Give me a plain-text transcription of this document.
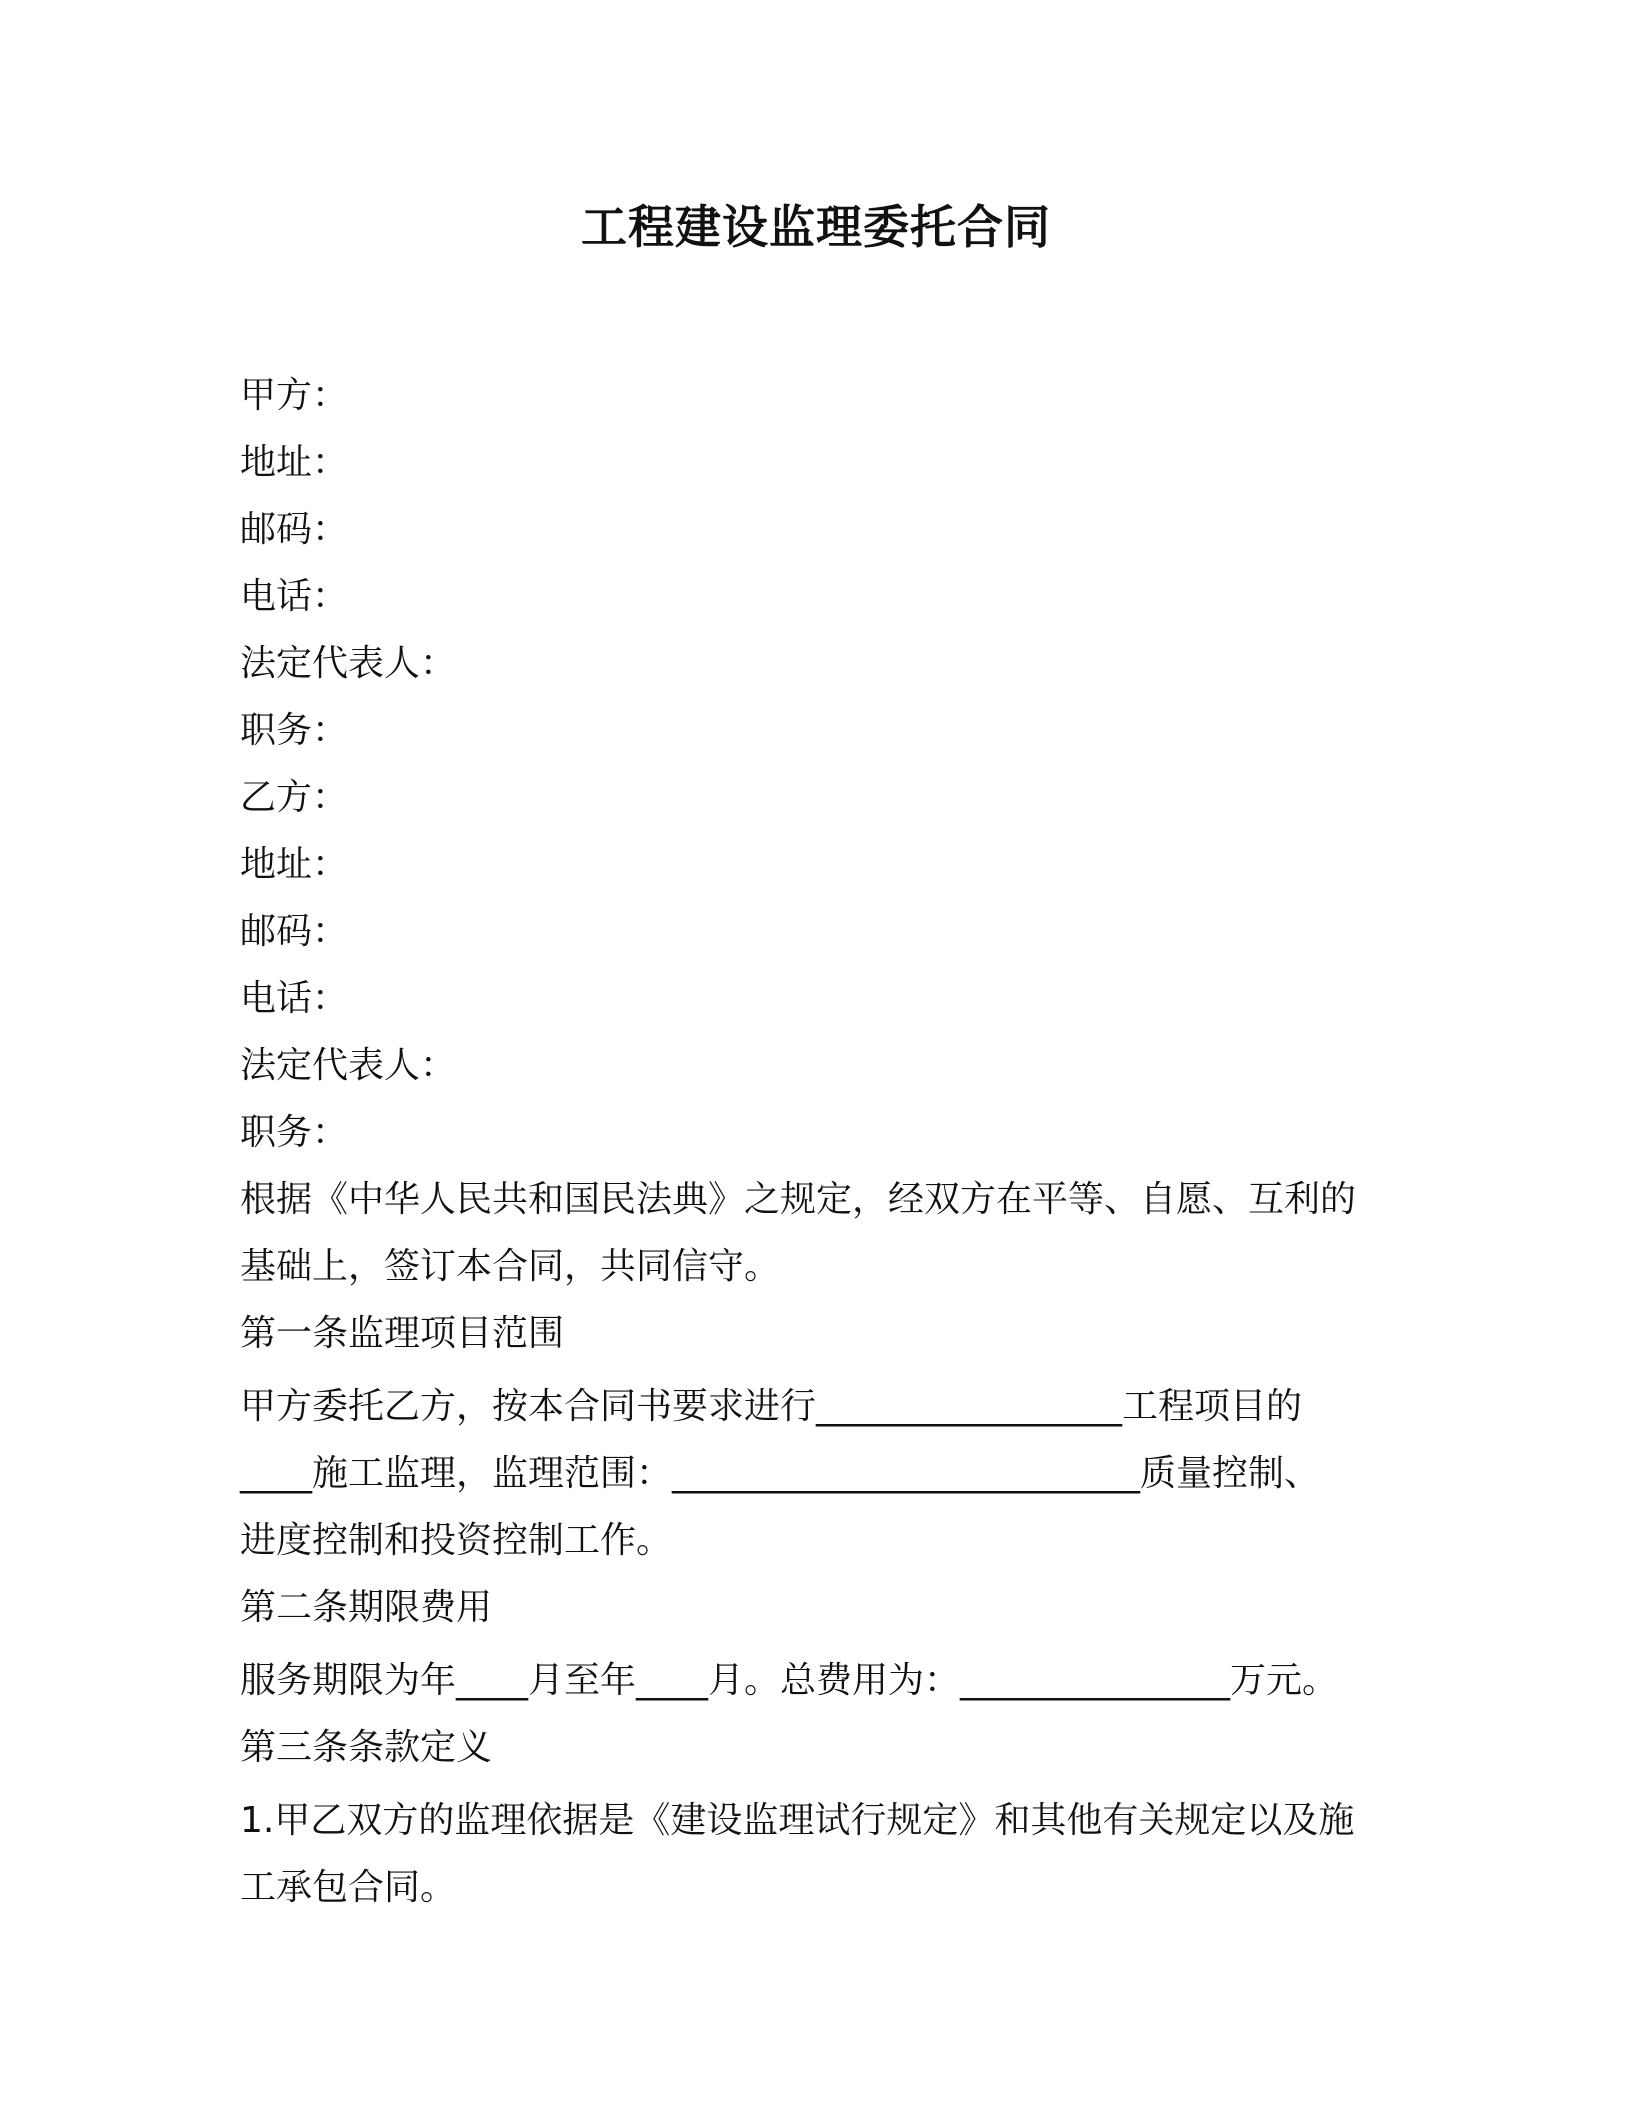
工程建设监理委托合同
甲方：
地址：
邮码：
电话：
法定代表人：
职务：
乙方：
地址：
邮码：
电话：
法定代表人：
职务：
根据《中华人民共和国民法典》之规定，经双方在平等、自愿、互利的
基础上，签订本合同，共同信守。
第一条监理项目范围
甲方委托乙方，按本合同书要求进行_________________工程项目的
____施工监理，监理范围：__________________________质量控制、
进度控制和投资控制工作。
第二条期限费用
服务期限为年____月至年____月。总费用为：_______________万元。
第三条条款定义
1.甲乙双方的监理依据是《建设监理试行规定》和其他有关规定以及施
工承包合同。
